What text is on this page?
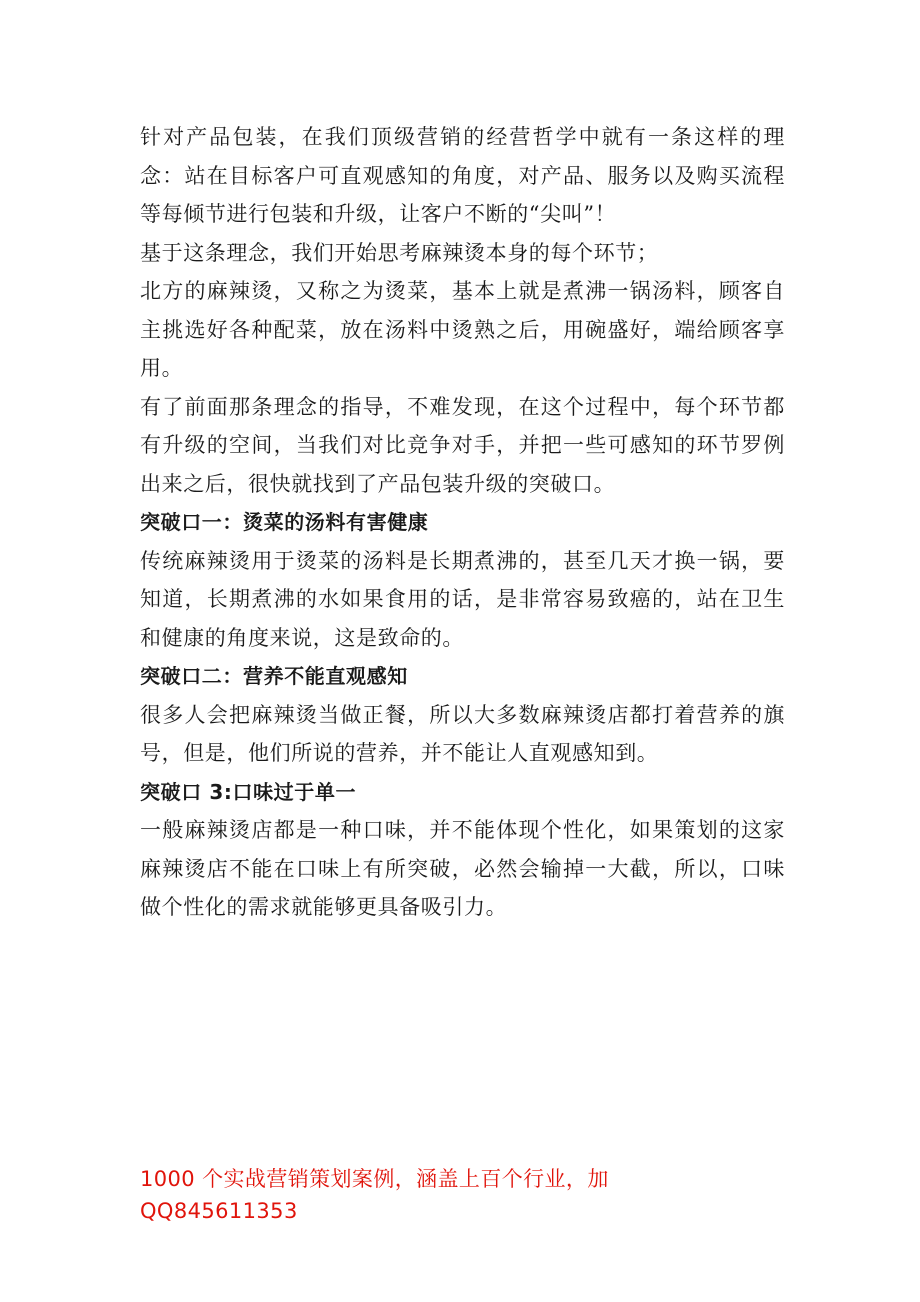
针对产品包装，在我们顶级营销的经营哲学中就有一条这样的理念：站在目标客户可直观感知的角度，对产品、服务以及购买流程等每倾节进行包装和升级，让客户不断的“尖叫”！

基于这条理念，我们开始思考麻辣烫本身的每个环节；

北方的麻辣烫，又称之为烫菜，基本上就是煮沸一锅汤料，顾客自主挑选好各种配菜，放在汤料中烫熟之后，用碗盛好，端给顾客享用。

有了前面那条理念的指导，不难发现，在这个过程中，每个环节都有升级的空间，当我们对比竞争对手，并把一些可感知的环节罗例出来之后，很快就找到了产品包装升级的突破口。

突破口一：烫菜的汤料有害健康

传统麻辣烫用于烫菜的汤料是长期煮沸的，甚至几天才换一锅，要知道，长期煮沸的水如果食用的话，是非常容易致癌的，站在卫生和健康的角度来说，这是致命的。

突破口二：营养不能直观感知

很多人会把麻辣烫当做正餐，所以大多数麻辣烫店都打着营养的旗号，但是，他们所说的营养，并不能让人直观感知到。

突破口 3:口味过于单一

一般麻辣烫店都是一种口味，并不能体现个性化，如果策划的这家麻辣烫店不能在口味上有所突破，必然会输掉一大截，所以，口味做个性化的需求就能够更具备吸引力。

1000 个实战营销策划案例，涵盖上百个行业，加
QQ845611353
